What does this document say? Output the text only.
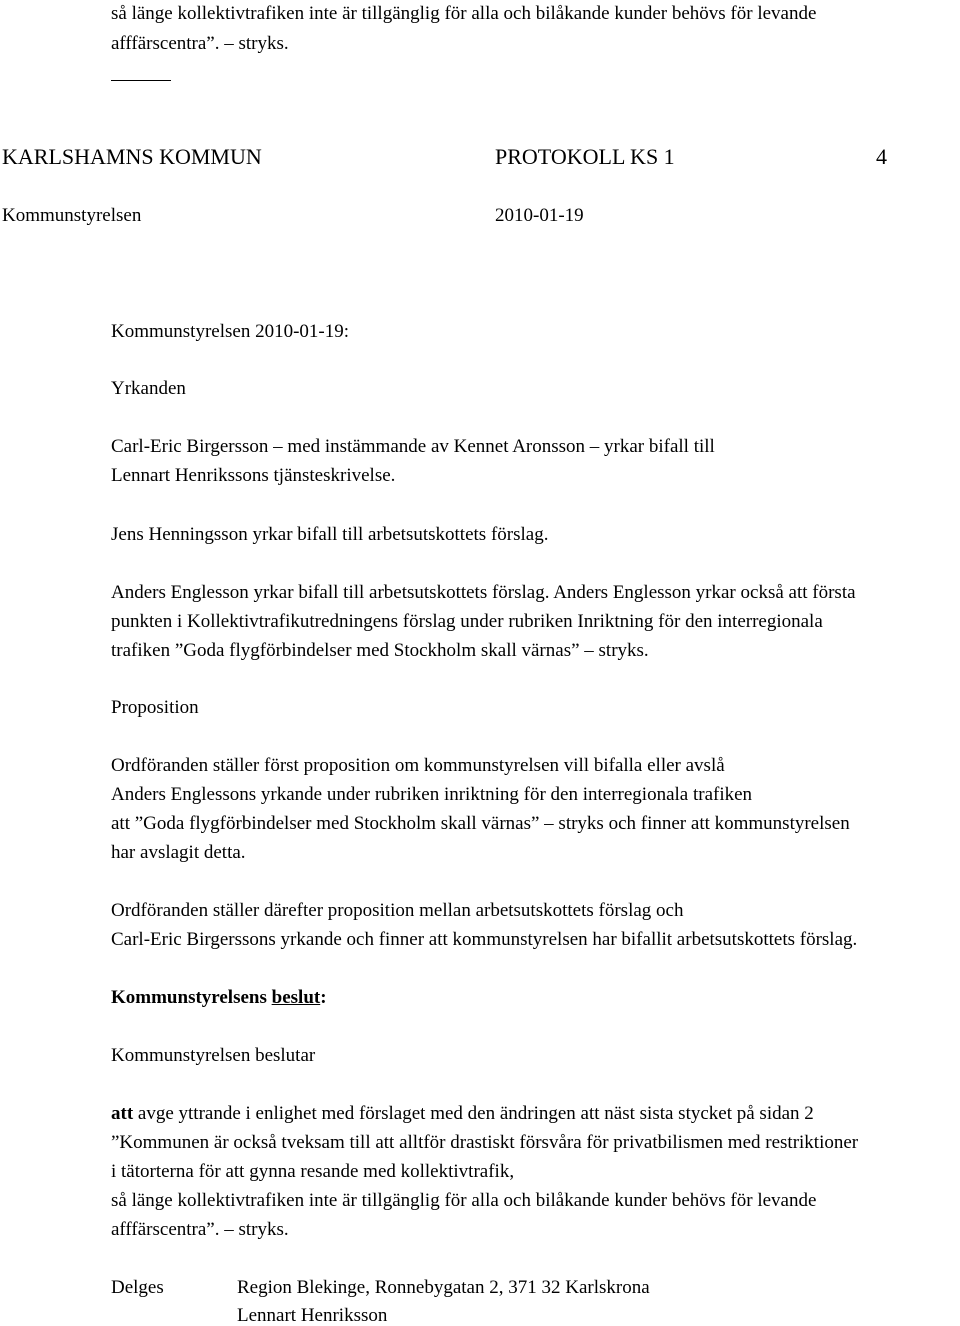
så länge kollektivtrafiken inte är tillgänglig för alla och bilåkande kunder behövs för levande
afffärscentra”. – stryks.
KARLSHAMNS KOMMUN	PROTOKOLL KS 1	4
Kommunstyrelsen	2010-01-19
Kommunstyrelsen 2010-01-19:
Yrkanden
Carl-Eric Birgersson – med instämmande av Kennet Aronsson – yrkar bifall till
Lennart Henrikssons tjänsteskrivelse.
Jens Henningsson yrkar bifall till arbetsutskottets förslag.
Anders Englesson yrkar bifall till arbetsutskottets förslag. Anders Englesson yrkar också att första
punkten i Kollektivtrafikutredningens förslag under rubriken Inriktning för den interregionala
trafiken ”Goda flygförbindelser med Stockholm skall värnas” – stryks.
Proposition
Ordföranden ställer först proposition om kommunstyrelsen vill bifalla eller avslå
Anders Englessons yrkande under rubriken inriktning för den interregionala trafiken
att ”Goda flygförbindelser med Stockholm skall värnas” – stryks och finner att kommunstyrelsen
har avslagit detta.
Ordföranden ställer därefter proposition mellan arbetsutskottets förslag och
Carl-Eric Birgerssons yrkande och finner att kommunstyrelsen har bifallit arbetsutskottets förslag.
Kommunstyrelsens beslut:
Kommunstyrelsen beslutar
att avge yttrande i enlighet med förslaget med den ändringen att näst sista stycket på sidan 2
”Kommunen är också tveksam till att alltför drastiskt försvåra för privatbilismen med restriktioner
i tätorterna för att gynna resande med kollektivtrafik,
så länge kollektivtrafiken inte är tillgänglig för alla och bilåkande kunder behövs för levande
afffärscentra”. – stryks.
Delges	Region Blekinge, Ronnebygatan 2, 371 32 Karlskrona
Lennart Henriksson
